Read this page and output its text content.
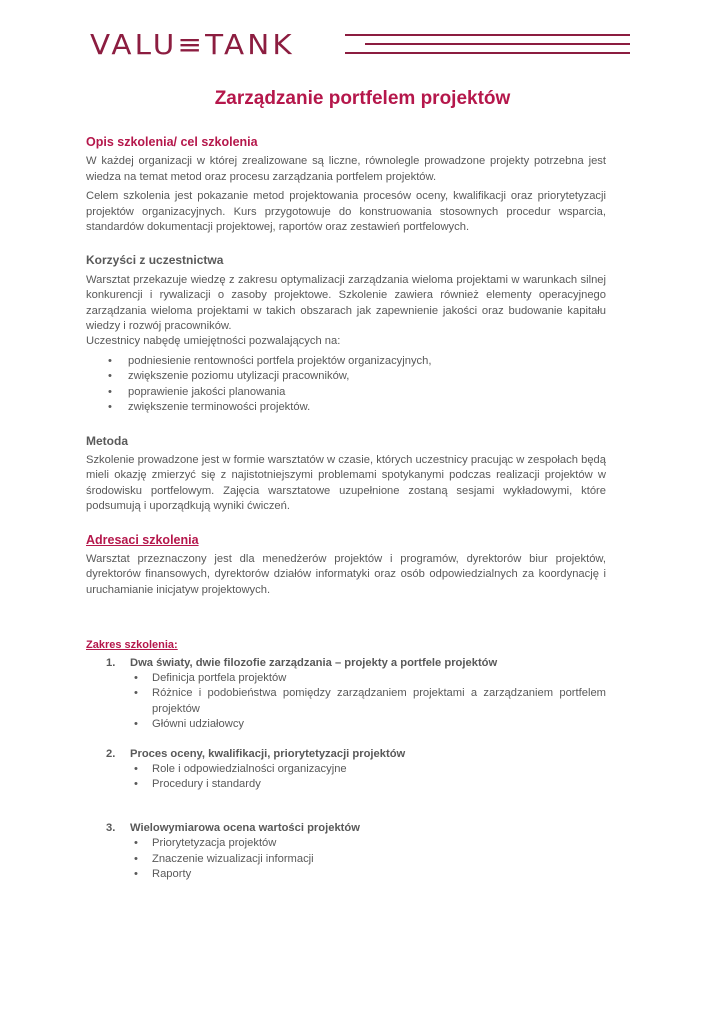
VALU≡TANK
Zarządzanie portfelem projektów
Opis szkolenia/ cel szkolenia

W każdej organizacji w której zrealizowane są liczne, równolegle prowadzone projekty potrzebna jest wiedza na temat metod oraz procesu zarządzania portfelem projektów.

Celem szkolenia jest pokazanie metod projektowania procesów oceny, kwalifikacji oraz priorytetyzacji projektów organizacyjnych. Kurs przygotowuje do konstruowania stosownych procedur wsparcia, standardów dokumentacji projektowej, raportów oraz zestawień portfelowych.

Korzyści z uczestnictwa

Warsztat przekazuje wiedzę z zakresu optymalizacji zarządzania wieloma projektami w warunkach silnej konkurencji i rywalizacji o zasoby projektowe. Szkolenie zawiera również elementy operacyjnego zarządzania wieloma projektami w takich obszarach jak zapewnienie jakości oraz budowanie kapitału wiedzy i rozwój pracowników.

Uczestnicy nabędę umiejętności pozwalających na:

• podniesienie rentowności portfela projektów organizacyjnych,
• zwiększenie poziomu utylizacji pracowników,
• poprawienie jakości planowania
• zwiększenie terminowości projektów.
Metoda

Szkolenie prowadzone jest w formie warsztatów w czasie, których uczestnicy pracując w zespołach będą mieli okazję zmierzyć się z najistotniejszymi problemami spotykanymi podczas realizacji projektów w środowisku portfelowym. Zajęcia warsztatowe uzupełnione zostaną sesjami wykładowymi, które podsumują i uporządkują wyniki ćwiczeń.

Adresaci szkolenia

Warsztat przeznaczony jest dla menedżerów projektów i programów, dyrektorów biur projektów, dyrektorów finansowych, dyrektorów działów informatyki oraz osób odpowiedzialnych za koordynację i uruchamianie inicjatyw projektowych.

Zakres szkolenia:
1. Dwa światy, dwie filozofie zarządzania – projekty a portfele projektów
• Definicja portfela projektów
• Różnice i podobieństwa pomiędzy zarządzaniem projektami a zarządzaniem portfelem projektów
• Główni udziałowcy
2. Proces oceny, kwalifikacji, priorytetyzacji projektów
• Role i odpowiedzialności organizacyjne
• Procedury i standardy
3. Wielowymiarowa ocena wartości projektów
• Priorytetyzacja projektów
• Znaczenie wizualizacji informacji
• Raporty
